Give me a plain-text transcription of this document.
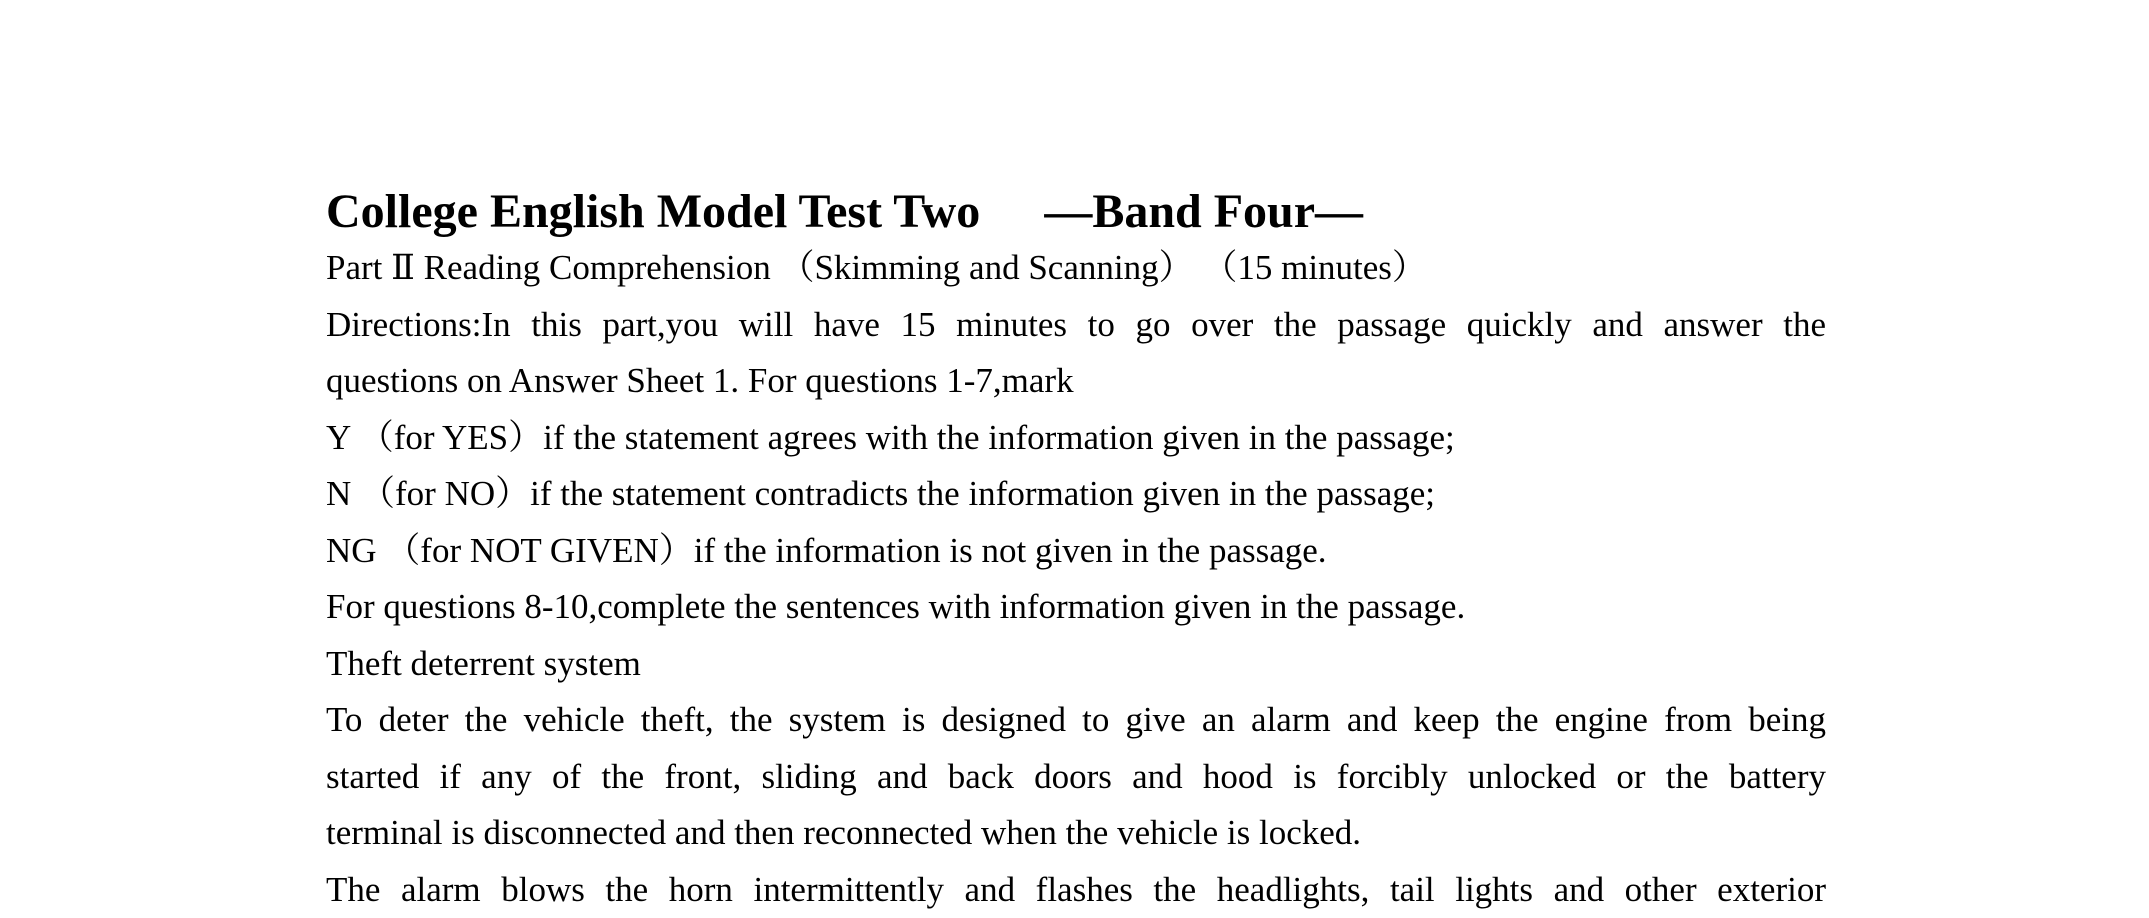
College English Model Test Two —Band Four—

Part Ⅱ Reading Comprehension （Skimming and Scanning） （15 minutes）

Directions:In this part,you will have 15 minutes to go over the passage quickly and answer the

questions on Answer Sheet 1. For questions 1-7,mark

Y （for YES）if the statement agrees with the information given in the passage;

N （for NO）if the statement contradicts the information given in the passage;

NG （for NOT GIVEN）if the information is not given in the passage.

For questions 8-10,complete the sentences with information given in the passage.

Theft deterrent system

To deter the vehicle theft, the system is designed to give an alarm and keep the engine from being
started if any of the front, sliding and back doors and hood is forcibly unlocked or the battery
terminal is disconnected and then reconnected when the vehicle is locked.
The alarm blows the horn intermittently and flashes the headlights, tail lights and other exterior
